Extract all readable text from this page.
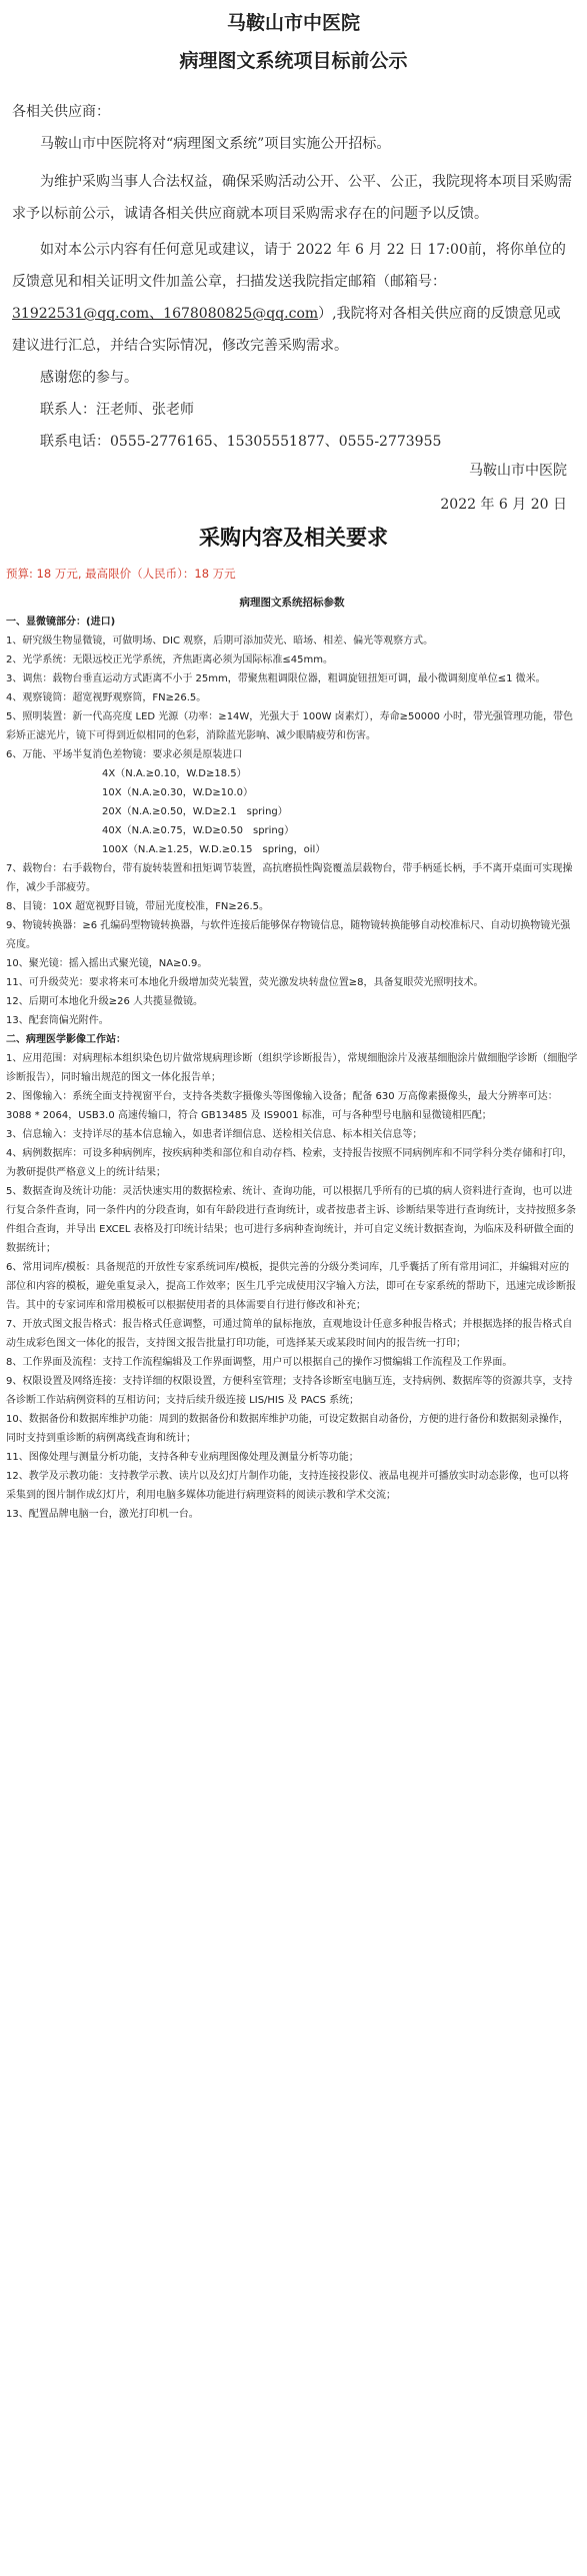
马鞍山市中医院
病理图文系统项目标前公示

各相关供应商：

马鞍山市中医院将对“病理图文系统”项目实施公开招标。

为维护采购当事人合法权益，确保采购活动公开、公平、公正，我院现将本项目采购需求予以标前公示，诚请各相关供应商就本项目采购需求存在的问题予以反馈。

如对本公示内容有任何意见或建议，请于 2022 年 6 月 22 日 17:00前，将你单位的反馈意见和相关证明文件加盖公章，扫描发送我院指定邮箱（邮箱号：31922531@qq.com、1678080825@qq.com）,我院将对各相关供应商的反馈意见或建议进行汇总，并结合实际情况，修改完善采购需求。

感谢您的参与。

联系人：汪老师、张老师

联系电话：0555-2776165、15305551877、0555-2773955

马鞍山市中医院
2022 年 6 月 20 日
采购内容及相关要求
预算: 18 万元, 最高限价（人民币）：18 万元

病理图文系统招标参数

一、显微镜部分：(进口)

1、研究级生物显微镜，可做明场、DIC 观察，后期可添加荧光、暗场、相差、偏光等观察方式。

2、光学系统：无限远校正光学系统，齐焦距离必须为国际标准≤45mm。

3、调焦：载物台垂直运动方式距离不小于 25mm，带聚焦粗调限位器，粗调旋钮扭矩可调，最小微调刻度单位≤1 微米。

4、观察镜筒：超宽视野观察筒，FN≥26.5。

5、照明装置：新一代高亮度 LED 光源（功率：≥14W，光强大于 100W 卤素灯），寿命≥50000 小时，带光强管理功能，带色彩矫正滤光片，镜下可得到近似相同的色彩，消除蓝光影响、减少眼睛疲劳和伤害。

6、万能、平场半复消色差物镜：要求必须是原装进口

4X（N.A.≥0.10，W.D≥18.5）

10X（N.A.≥0.30，W.D≥10.0）

20X（N.A.≥0.50，W.D≥2.1　spring）

40X（N.A.≥0.75，W.D≥0.50　spring）

100X（N.A.≥1.25，W.D.≥0.15　spring，oil）

7、载物台：右手载物台，带有旋转装置和扭矩调节装置，高抗磨损性陶瓷覆盖层载物台，带手柄延长柄，手不离开桌面可实现操作，减少手部疲劳。

8、目镜：10X 超宽视野目镜，带屈光度校准，FN≥26.5。

9、物镜转换器：≥6 孔编码型物镜转换器，与软件连接后能够保存物镜信息，随物镜转换能够自动校准标尺、自动切换物镜光强亮度。

10、聚光镜：摇入摇出式聚光镜，NA≥0.9。

11、可升级荧光：要求将来可本地化升级增加荧光装置，荧光激发块转盘位置≥8，具备复眼荧光照明技术。

12、后期可本地化升级≥26 人共揽显微镜。

13、配套筒偏光附件。

二、病理医学影像工作站：

1、应用范围：对病理标本组织染色切片做常规病理诊断（组织学诊断报告），常规细胞涂片及液基细胞涂片做细胞学诊断（细胞学诊断报告），同时输出规范的图文一体化报告单；

2、图像输入：系统全面支持视窗平台，支持各类数字摄像头等图像输入设备；配备 630 万高像素摄像头，最大分辨率可达：3088 * 2064，USB3.0 高速传输口，符合 GB13485 及 IS9001 标准，可与各种型号电脑和显微镜相匹配；

3、信息输入：支持详尽的基本信息输入，如患者详细信息、送检相关信息、标本相关信息等；

4、病例数据库：可设多种病例库，按疾病种类和部位和自动存档、检索，支持报告按照不同病例库和不同学科分类存储和打印，为教研提供严格意义上的统计结果；

5、数据查询及统计功能：灵活快速实用的数据检索、统计、查询功能，可以根据几乎所有的已填的病人资料进行查询，也可以进行复合条件查询，同一条件内的分段查询，如有年龄段进行查询统计，或者按患者主诉、诊断结果等进行查询统计，支持按照多条件组合查询，并导出 EXCEL 表格及打印统计结果；也可进行多病种查询统计，并可自定义统计数据查询，为临床及科研做全面的数据统计；

6、常用词库/模板：具备规范的开放性专家系统词库/模板，提供完善的分级分类词库，几乎囊括了所有常用词汇，并编辑对应的部位和内容的模板，避免重复录入，提高工作效率；医生几乎完成使用汉字输入方法，即可在专家系统的帮助下，迅速完成诊断报告。其中的专家词库和常用模板可以根据使用者的具体需要自行进行修改和补充；

7、开放式图文报告格式：报告格式任意调整，可通过简单的鼠标拖放，直观地设计任意多种报告格式；并根据选择的报告格式自动生成彩色图文一体化的报告，支持图文报告批量打印功能，可选择某天或某段时间内的报告统一打印；

8、工作界面及流程：支持工作流程编辑及工作界面调整，用户可以根据自己的操作习惯编辑工作流程及工作界面。

9、权限设置及网络连接：支持详细的权限设置，方便科室管理；支持各诊断室电脑互连，支持病例、数据库等的资源共享，支持各诊断工作站病例资料的互相访问；支持后续升级连接 LIS/HIS 及 PACS 系统；

10、数据备份和数据库维护功能：周到的数据备份和数据库维护功能，可设定数据自动备份，方便的进行备份和数据刻录操作，同时支持到重诊断的病例离线查询和统计；

11、图像处理与测量分析功能，支持各种专业病理图像处理及测量分析等功能；

12、教学及示教功能：支持教学示教、读片以及幻灯片制作功能，支持连接投影仪、液晶电视并可播放实时动态影像，也可以将采集到的图片制作成幻灯片，利用电脑多媒体功能进行病理资料的阅读示教和学术交流；

13、配置品牌电脑一台，激光打印机一台。
